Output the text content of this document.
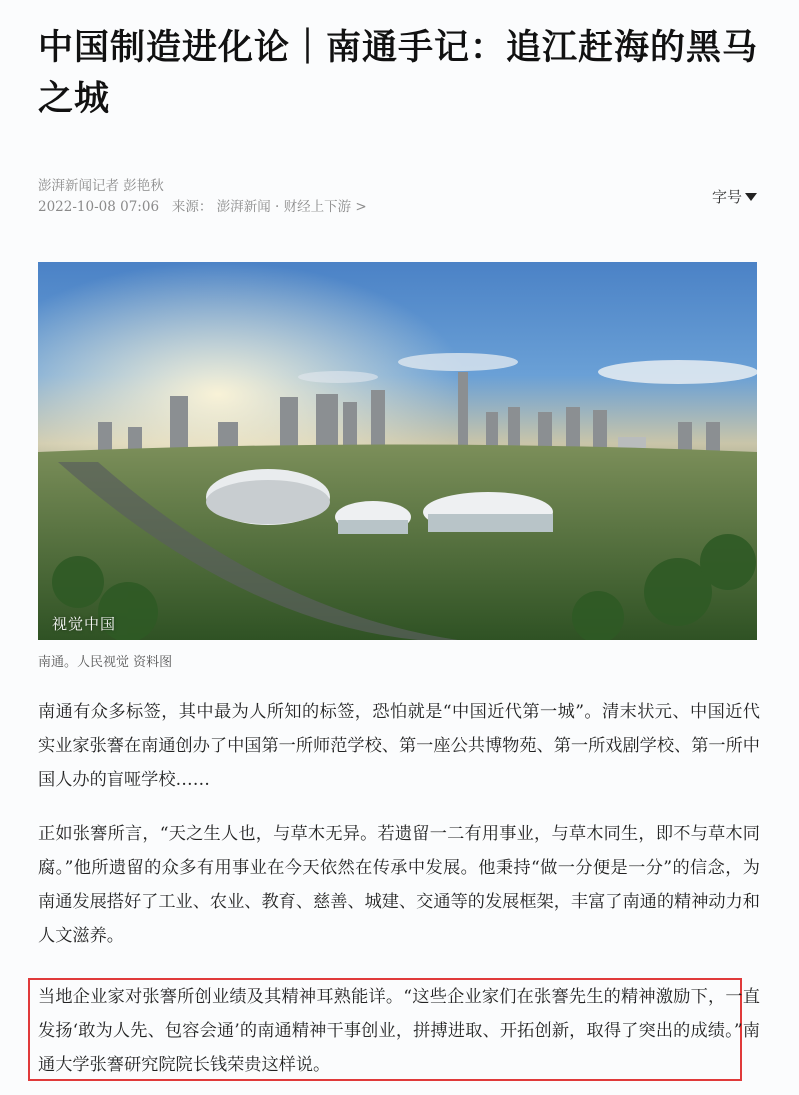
中国制造进化论｜南通手记：追江赶海的黑马之城
澎湃新闻记者 彭艳秋
2022-10-08 07:06 来源： 澎湃新闻 · 财经上下游 >
字号
视觉中国
南通。人民视觉 资料图

南通有众多标签，其中最为人所知的标签，恐怕就是“中国近代第一城”。清末状元、中国近代实业家张謇在南通创办了中国第一所师范学校、第一座公共博物苑、第一所戏剧学校、第一所中国人办的盲哑学校……

正如张謇所言，“天之生人也，与草木无异。若遗留一二有用事业，与草木同生，即不与草木同腐。”他所遗留的众多有用事业在今天依然在传承中发展。他秉持“做一分便是一分”的信念，为南通发展搭好了工业、农业、教育、慈善、城建、交通等的发展框架，丰富了南通的精神动力和人文滋养。

当地企业家对张謇所创业绩及其精神耳熟能详。“这些企业家们在张謇先生的精神激励下，一直发扬‘敢为人先、包容会通’的南通精神干事创业，拼搏进取、开拓创新，取得了突出的成绩。”南通大学张謇研究院院长钱荣贵这样说。
